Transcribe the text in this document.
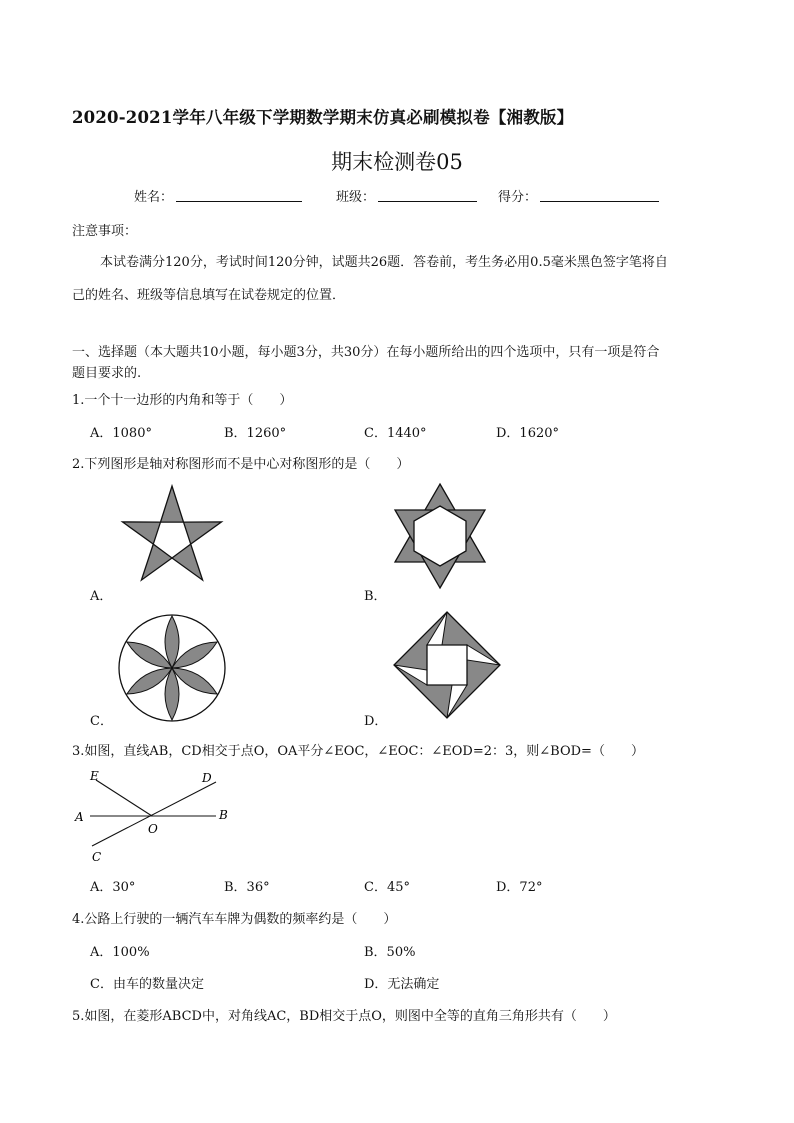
2020-2021学年八年级下学期数学期末仿真必刷模拟卷【湘教版】
期末检测卷05
姓名：	班级：	得分：
注意事项：
本试卷满分120分，考试时间120分钟，试题共26题．答卷前，考生务必用0.5毫米黑色签字笔将自
己的姓名、班级等信息填写在试卷规定的位置．
一、选择题（本大题共10小题，每小题3分，共30分）在每小题所给出的四个选项中，只有一项是符合
题目要求的.
1.一个十一边形的内角和等于（　　）
A．1080°	B．1260°	C．1440°	D．1620°
2.下列图形是轴对称图形而不是中心对称图形的是（　　）
A．	B．
C．	D．
3.如图，直线AB，CD相交于点O，OA平分∠EOC，∠EOC：∠EOD=2：3，则∠BOD=（　　）
E	D
A	B
O
C
A．30°	B．36°	C．45°	D．72°
4.公路上行驶的一辆汽车车牌为偶数的频率约是（　　）
A．100%	B．50%
C．由车的数量决定	D．无法确定
5.如图，在菱形ABCD中，对角线AC，BD相交于点O，则图中全等的直角三角形共有（　　）
